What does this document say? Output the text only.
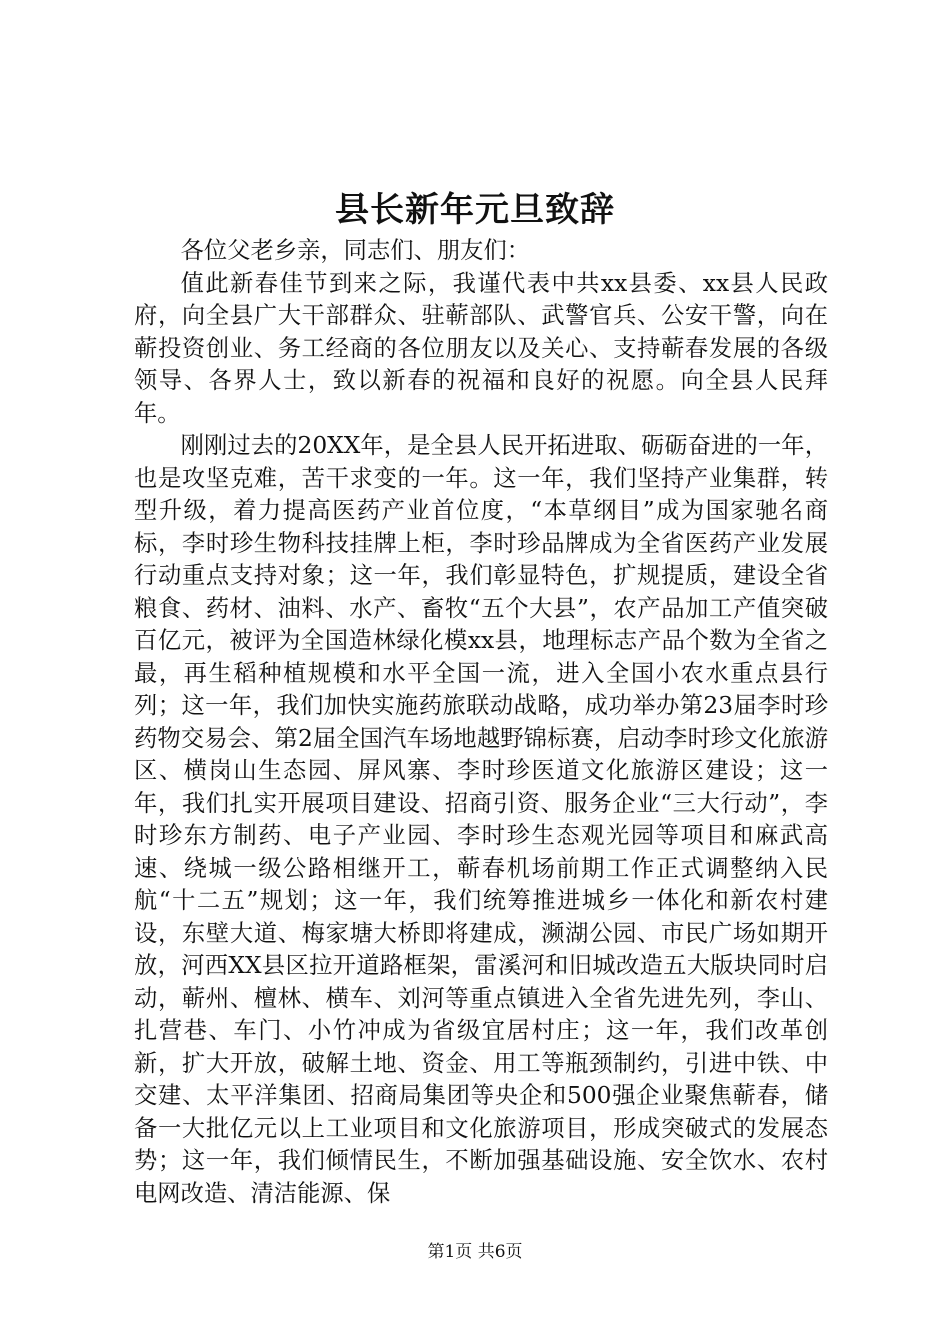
县长新年元旦致辞

各位父老乡亲，同志们、朋友们：

值此新春佳节到来之际，我谨代表中共xx县委、xx县人民政府，向全县广大干部群众、驻蕲部队、武警官兵、公安干警，向在蕲投资创业、务工经商的各位朋友以及关心、支持蕲春发展的各级领导、各界人士，致以新春的祝福和良好的祝愿。向全县人民拜年。

刚刚过去的20XX年，是全县人民开拓进取、砺砺奋进的一年，也是攻坚克难，苦干求变的一年。这一年，我们坚持产业集群，转型升级，着力提高医药产业首位度，“本草纲目”成为国家驰名商标，李时珍生物科技挂牌上柜，李时珍品牌成为全省医药产业发展行动重点支持对象；这一年，我们彰显特色，扩规提质，建设全省粮食、药材、油料、水产、畜牧“五个大县”，农产品加工产值突破百亿元，被评为全国造林绿化模xx县，地理标志产品个数为全省之最，再生稻种植规模和水平全国一流，进入全国小农水重点县行列；这一年，我们加快实施药旅联动战略，成功举办第23届李时珍药物交易会、第2届全国汽车场地越野锦标赛，启动李时珍文化旅游区、横岗山生态园、屏风寨、李时珍医道文化旅游区建设；这一年，我们扎实开展项目建设、招商引资、服务企业“三大行动”，李时珍东方制药、电子产业园、李时珍生态观光园等项目和麻武高速、绕城一级公路相继开工，蕲春机场前期工作正式调整纳入民航“十二五”规划；这一年，我们统筹推进城乡一体化和新农村建设，东壁大道、梅家塘大桥即将建成，濒湖公园、市民广场如期开放，河西XX县区拉开道路框架，雷溪河和旧城改造五大版块同时启动，蕲州、檀林、横车、刘河等重点镇进入全省先进先列，李山、扎营巷、车门、小竹冲成为省级宜居村庄；这一年，我们改革创新，扩大开放，破解土地、资金、用工等瓶颈制约，引进中铁、中交建、太平洋集团、招商局集团等央企和500强企业聚焦蕲春，储备一大批亿元以上工业项目和文化旅游项目，形成突破式的发展态势；这一年，我们倾情民生，不断加强基础设施、安全饮水、农村电网改造、清洁能源、保

第1页 共6页
